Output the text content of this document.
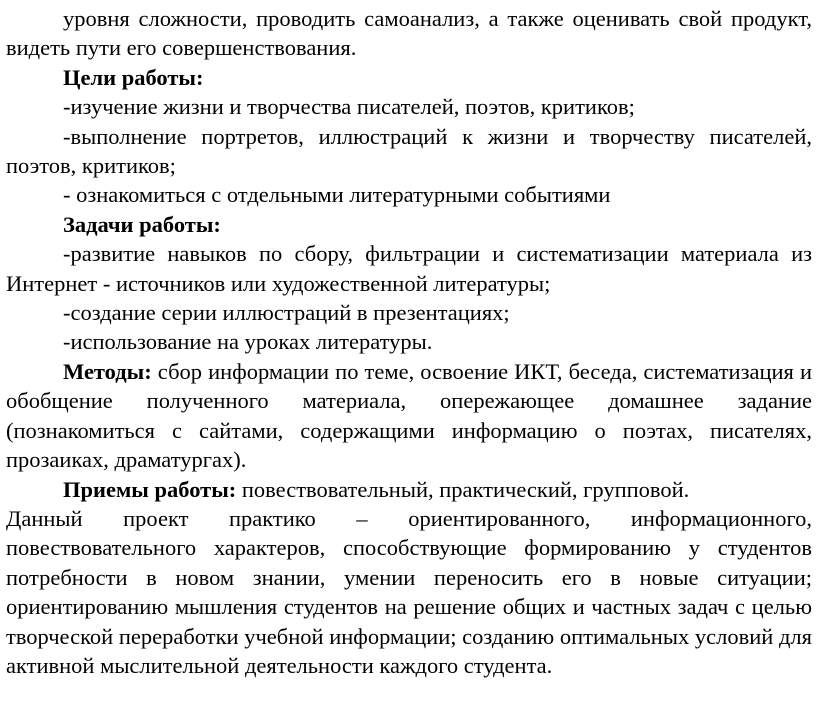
уровня сложности, проводить самоанализ, а также оценивать свой продукт, видеть пути его совершенствования.

Цели работы:

-изучение жизни и творчества писателей, поэтов, критиков;

-выполнение портретов, иллюстраций к жизни и творчеству писателей, поэтов, критиков;

- ознакомиться с отдельными литературными событиями

Задачи работы:

-развитие навыков по сбору, фильтрации и систематизации материала из Интернет - источников или художественной литературы;

-создание серии иллюстраций в презентациях;

-использование на уроках литературы.

Методы: сбор информации по теме, освоение ИКТ, беседа, систематизация и обобщение полученного материала, опережающее домашнее задание (познакомиться с сайтами, содержащими информацию о поэтах, писателях, прозаиках, драматургах).

Приемы работы: повествовательный, практический, групповой.

Данный проект практико – ориентированного, информационного, повествовательного характеров, способствующие формированию у студентов потребности в новом знании, умении переносить его в новые ситуации; ориентированию мышления студентов на решение общих и частных задач с целью творческой переработки учебной информации; созданию оптимальных условий для активной мыслительной деятельности каждого студента.
